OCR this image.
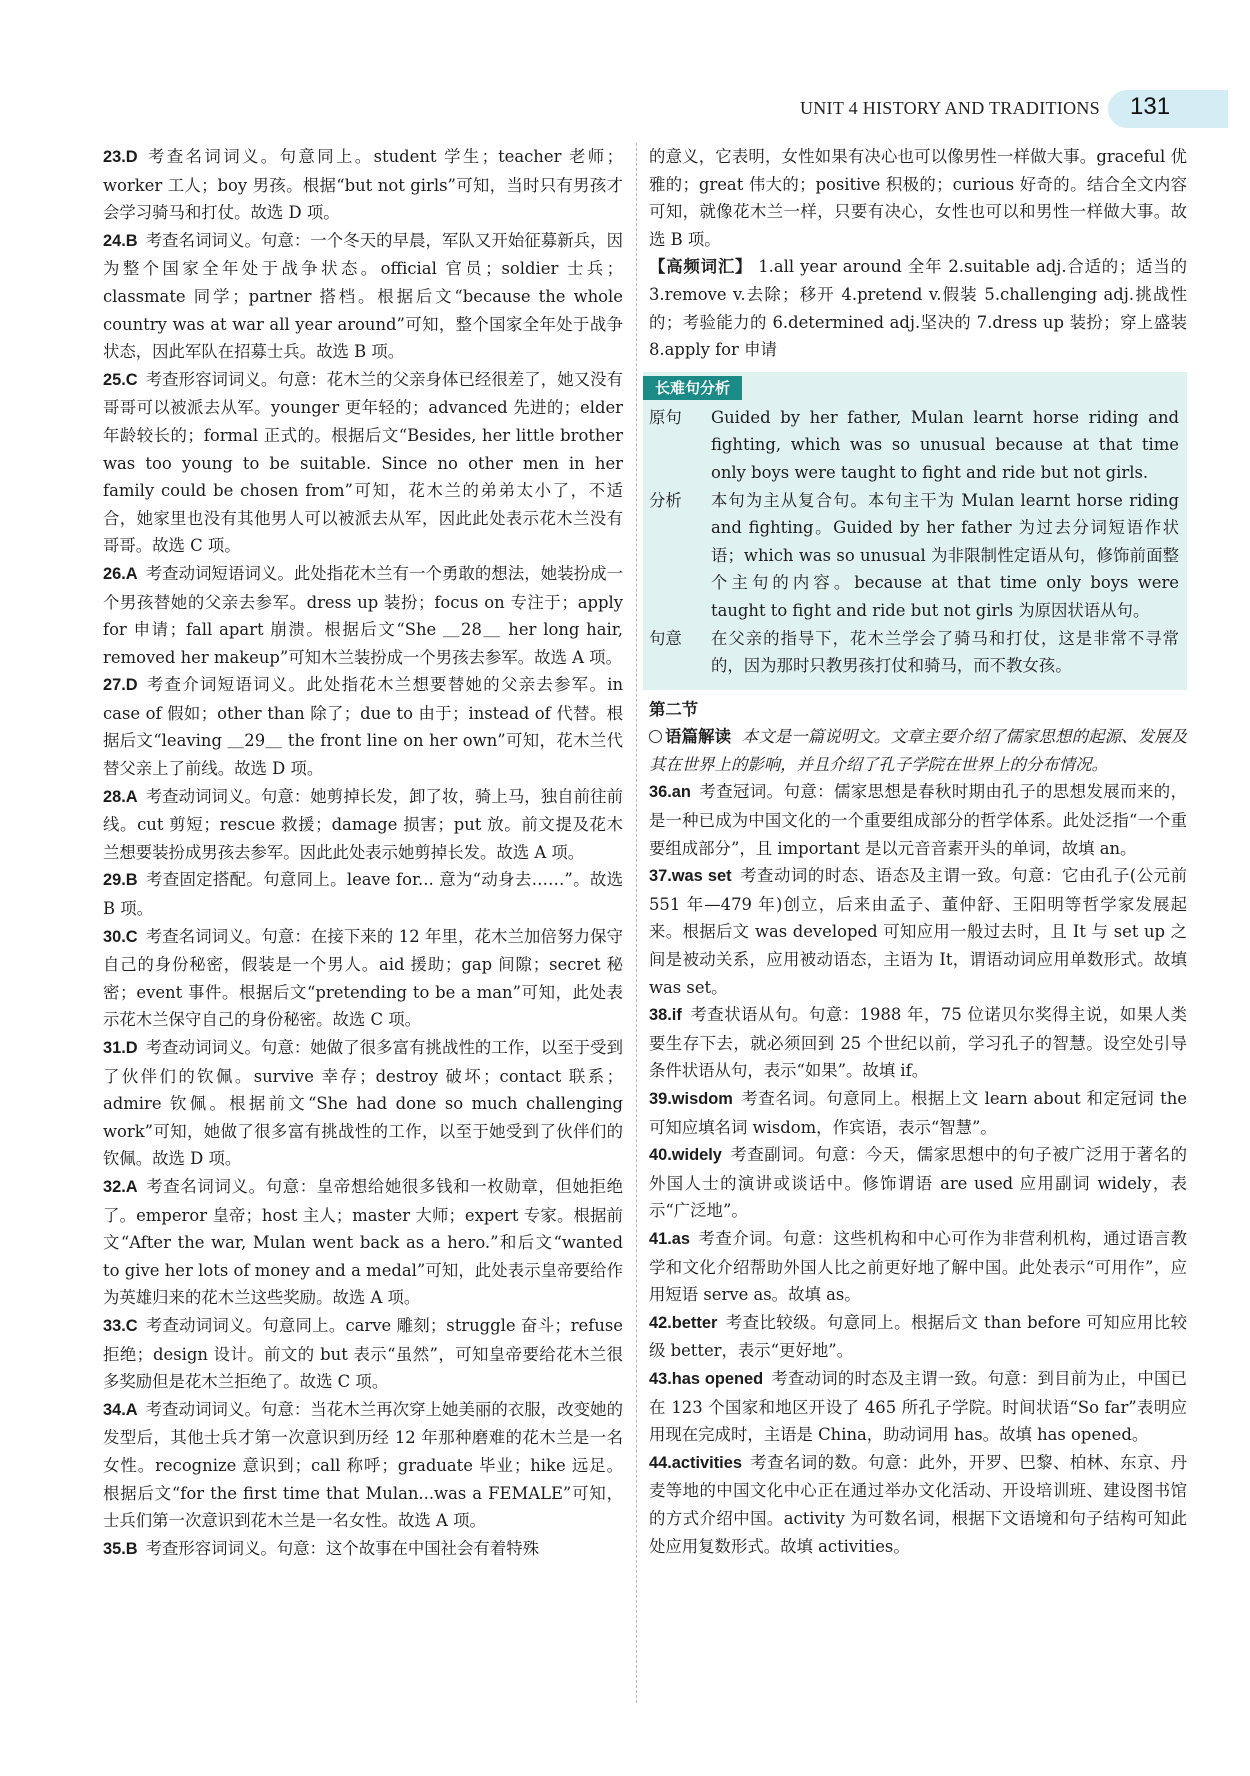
UNIT 4 HISTORY AND TRADITIONS 131

23.D 考查名词词义。句意同上。student 学生；teacher 老师；worker 工人；boy 男孩。根据“but not girls”可知，当时只有男孩才会学习骑马和打仗。故选 D 项。

24.B 考查名词词义。句意：一个冬天的早晨，军队又开始征募新兵，因为整个国家全年处于战争状态。official 官员；soldier 士兵；classmate 同学；partner 搭档。根据后文“because the whole country was at war all year around”可知，整个国家全年处于战争状态，因此军队在招募士兵。故选 B 项。

25.C 考查形容词词义。句意：花木兰的父亲身体已经很差了，她又没有哥哥可以被派去从军。younger 更年轻的；advanced 先进的；elder 年龄较长的；formal 正式的。根据后文“Besides, her little brother was too young to be suitable. Since no other men in her family could be chosen from”可知，花木兰的弟弟太小了，不适合，她家里也没有其他男人可以被派去从军，因此此处表示花木兰没有哥哥。故选 C 项。

26.A 考查动词短语词义。此处指花木兰有一个勇敢的想法，她装扮成一个男孩替她的父亲去参军。dress up 装扮；focus on 专注于；apply for 申请；fall apart 崩溃。根据后文“She ＿28＿ her long hair, removed her makeup”可知木兰装扮成一个男孩去参军。故选 A 项。

27.D 考查介词短语词义。此处指花木兰想要替她的父亲去参军。in case of 假如；other than 除了；due to 由于；instead of 代替。根据后文“leaving ＿29＿ the front line on her own”可知，花木兰代替父亲上了前线。故选 D 项。

28.A 考查动词词义。句意：她剪掉长发，卸了妆，骑上马，独自前往前线。cut 剪短；rescue 救援；damage 损害；put 放。前文提及花木兰想要装扮成男孩去参军。因此此处表示她剪掉长发。故选 A 项。

29.B 考查固定搭配。句意同上。leave for... 意为“动身去……”。故选 B 项。

30.C 考查名词词义。句意：在接下来的 12 年里，花木兰加倍努力保守自己的身份秘密，假装是一个男人。aid 援助；gap 间隙；secret 秘密；event 事件。根据后文“pretending to be a man”可知，此处表示花木兰保守自己的身份秘密。故选 C 项。

31.D 考查动词词义。句意：她做了很多富有挑战性的工作，以至于受到了伙伴们的钦佩。survive 幸存；destroy 破坏；contact 联系；admire 钦佩。根据前文“She had done so much challenging work”可知，她做了很多富有挑战性的工作，以至于她受到了伙伴们的钦佩。故选 D 项。

32.A 考查名词词义。句意：皇帝想给她很多钱和一枚勋章，但她拒绝了。emperor 皇帝；host 主人；master 大师；expert 专家。根据前文“After the war, Mulan went back as a hero.”和后文“wanted to give her lots of money and a medal”可知，此处表示皇帝要给作为英雄归来的花木兰这些奖励。故选 A 项。

33.C 考查动词词义。句意同上。carve 雕刻；struggle 奋斗；refuse 拒绝；design 设计。前文的 but 表示“虽然”，可知皇帝要给花木兰很多奖励但是花木兰拒绝了。故选 C 项。

34.A 考查动词词义。句意：当花木兰再次穿上她美丽的衣服，改变她的发型后，其他士兵才第一次意识到历经 12 年那种磨难的花木兰是一名女性。recognize 意识到；call 称呼；graduate 毕业；hike 远足。根据后文“for the first time that Mulan...was a FEMALE”可知，士兵们第一次意识到花木兰是一名女性。故选 A 项。

35.B 考查形容词词义。句意：这个故事在中国社会有着特殊

的意义，它表明，女性如果有决心也可以像男性一样做大事。graceful 优雅的；great 伟大的；positive 积极的；curious 好奇的。结合全文内容可知，就像花木兰一样，只要有决心，女性也可以和男性一样做大事。故选 B 项。

【高频词汇】 1.all year around 全年 2.suitable adj.合适的；适当的 3.remove v.去除；移开 4.pretend v.假装 5.challenging adj.挑战性的；考验能力的 6.determined adj.坚决的 7.dress up 装扮；穿上盛装 8.apply for 申请

长难句分析
原句	Guided by her father, Mulan learnt horse riding and fighting, which was so unusual because at that time only boys were taught to fight and ride but not girls.
分析	本句为主从复合句。本句主干为 Mulan learnt horse riding and fighting。Guided by her father 为过去分词短语作状语；which was so unusual 为非限制性定语从句，修饰前面整个主句的内容。because at that time only boys were taught to fight and ride but not girls 为原因状语从句。
句意	在父亲的指导下，花木兰学会了骑马和打仗，这是非常不寻常的，因为那时只教男孩打仗和骑马，而不教女孩。

第二节

语篇解读 本文是一篇说明文。文章主要介绍了儒家思想的起源、发展及其在世界上的影响，并且介绍了孔子学院在世界上的分布情况。

36.an 考查冠词。句意：儒家思想是春秋时期由孔子的思想发展而来的，是一种已成为中国文化的一个重要组成部分的哲学体系。此处泛指“一个重要组成部分”，且 important 是以元音音素开头的单词，故填 an。

37.was set 考查动词的时态、语态及主谓一致。句意：它由孔子(公元前 551 年—479 年)创立，后来由孟子、董仲舒、王阳明等哲学家发展起来。根据后文 was developed 可知应用一般过去时，且 It 与 set up 之间是被动关系，应用被动语态，主语为 It，谓语动词应用单数形式。故填 was set。

38.if 考查状语从句。句意：1988 年，75 位诺贝尔奖得主说，如果人类要生存下去，就必须回到 25 个世纪以前，学习孔子的智慧。设空处引导条件状语从句，表示“如果”。故填 if。

39.wisdom 考查名词。句意同上。根据上文 learn about 和定冠词 the 可知应填名词 wisdom，作宾语，表示“智慧”。

40.widely 考查副词。句意：今天，儒家思想中的句子被广泛用于著名的外国人士的演讲或谈话中。修饰谓语 are used 应用副词 widely，表示“广泛地”。

41.as 考查介词。句意：这些机构和中心可作为非营利机构，通过语言教学和文化介绍帮助外国人比之前更好地了解中国。此处表示“可用作”，应用短语 serve as。故填 as。

42.better 考查比较级。句意同上。根据后文 than before 可知应用比较级 better，表示“更好地”。

43.has opened 考查动词的时态及主谓一致。句意：到目前为止，中国已在 123 个国家和地区开设了 465 所孔子学院。时间状语“So far”表明应用现在完成时，主语是 China，助动词用 has。故填 has opened。

44.activities 考查名词的数。句意：此外，开罗、巴黎、柏林、东京、丹麦等地的中国文化中心正在通过举办文化活动、开设培训班、建设图书馆的方式介绍中国。activity 为可数名词，根据下文语境和句子结构可知此处应用复数形式。故填 activities。
